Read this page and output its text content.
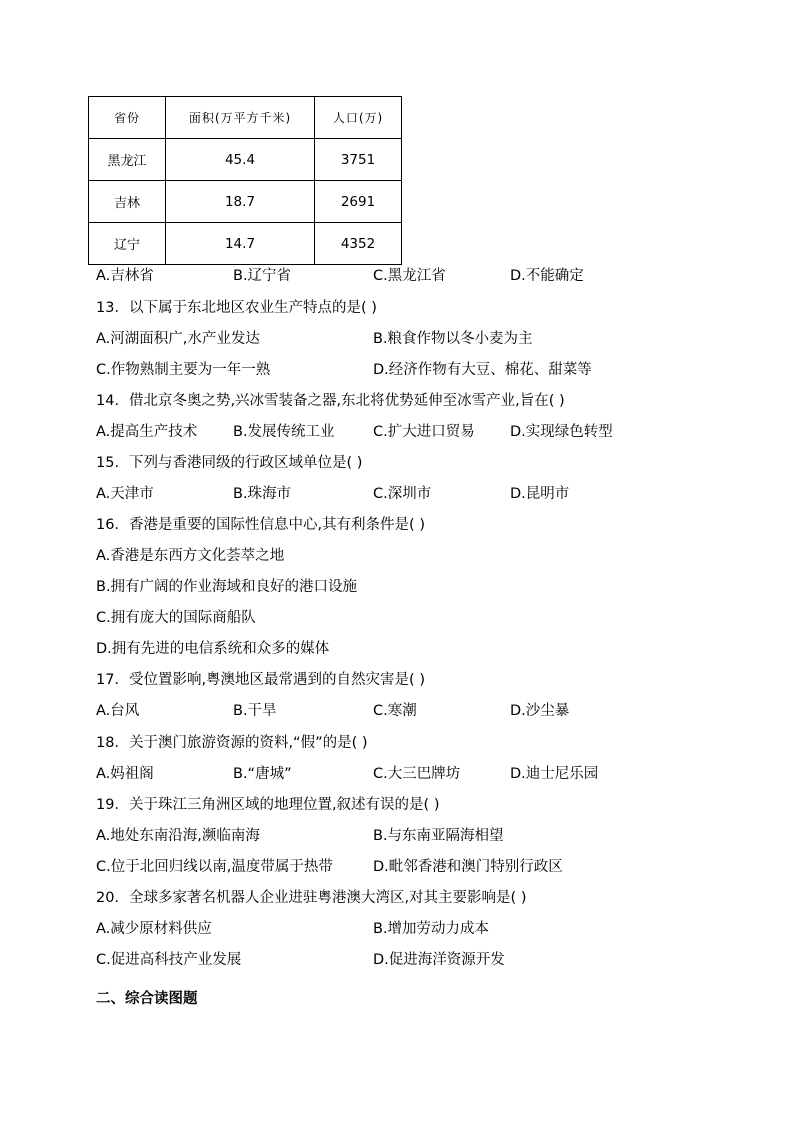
省份	面积(万平方千米)	人口(万)
黑龙江	45.4	3751
吉林	18.7	2691
辽宁	14.7	4352
A.吉林省	B.辽宁省	C.黑龙江省	D.不能确定
13．以下属于东北地区农业生产特点的是( )
A.河湖面积广,水产业发达	B.粮食作物以冬小麦为主
C.作物熟制主要为一年一熟	D.经济作物有大豆、棉花、甜菜等
14．借北京冬奥之势,兴冰雪装备之器,东北将优势延伸至冰雪产业,旨在( )
A.提高生产技术 B.发展传统工业	C.扩大进口贸易 D.实现绿色转型
15．下列与香港同级的行政区域单位是( )
A.天津市	B.珠海市	C.深圳市	D.昆明市
16．香港是重要的国际性信息中心,其有利条件是( )
A.香港是东西方文化荟萃之地
B.拥有广阔的作业海域和良好的港口设施
C.拥有庞大的国际商船队
D.拥有先进的电信系统和众多的媒体
17．受位置影响,粤澳地区最常遇到的自然灾害是( )
A.台风	B.干旱	C.寒潮	D.沙尘暴
18．关于澳门旅游资源的资料,“假”的是( )
A.妈祖阁	B.“唐城”	C.大三巴牌坊	D.迪士尼乐园
19．关于珠江三角洲区域的地理位置,叙述有误的是( )
A.地处东南沿海,濒临南海	B.与东南亚隔海相望
C.位于北回归线以南,温度带属于热带	D.毗邻香港和澳门特别行政区
20．全球多家著名机器人企业进驻粤港澳大湾区,对其主要影响是( )
A.减少原材料供应	B.增加劳动力成本
C.促进高科技产业发展	D.促进海洋资源开发
二、综合读图题
